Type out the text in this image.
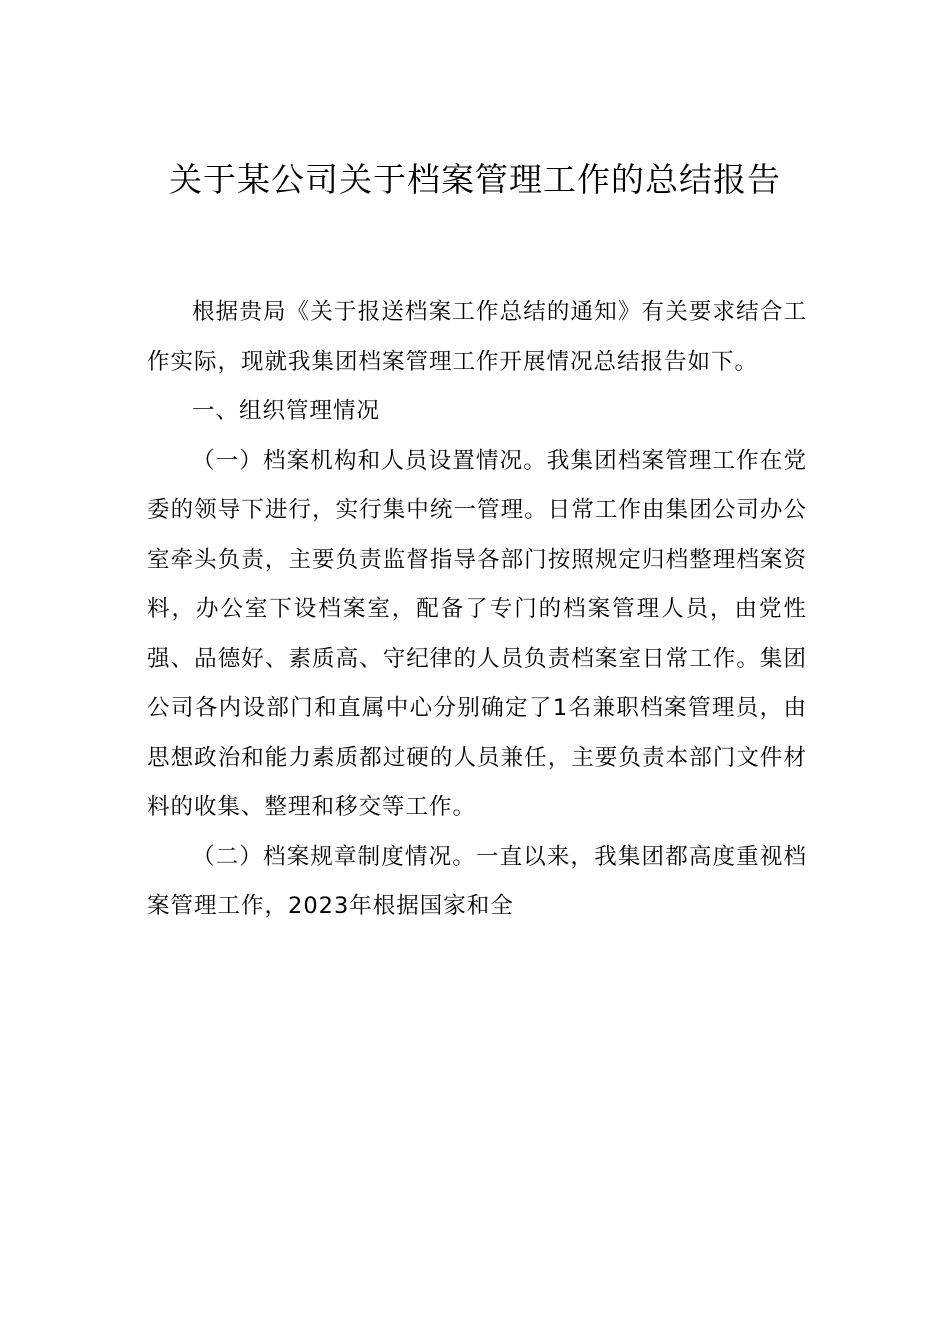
关于某公司关于档案管理工作的总结报告

根据贵局《关于报送档案工作总结的通知》有关要求结合工作实际，现就我集团档案管理工作开展情况总结报告如下。

一、组织管理情况

（一）档案机构和人员设置情况。我集团档案管理工作在党委的领导下进行，实行集中统一管理。日常工作由集团公司办公室牵头负责，主要负责监督指导各部门按照规定归档整理档案资料，办公室下设档案室，配备了专门的档案管理人员，由党性强、品德好、素质高、守纪律的人员负责档案室日常工作。集团公司各内设部门和直属中心分别确定了1名兼职档案管理员，由思想政治和能力素质都过硬的人员兼任，主要负责本部门文件材料的收集、整理和移交等工作。

（二）档案规章制度情况。一直以来，我集团都高度重视档案管理工作，2023年根据国家和全
